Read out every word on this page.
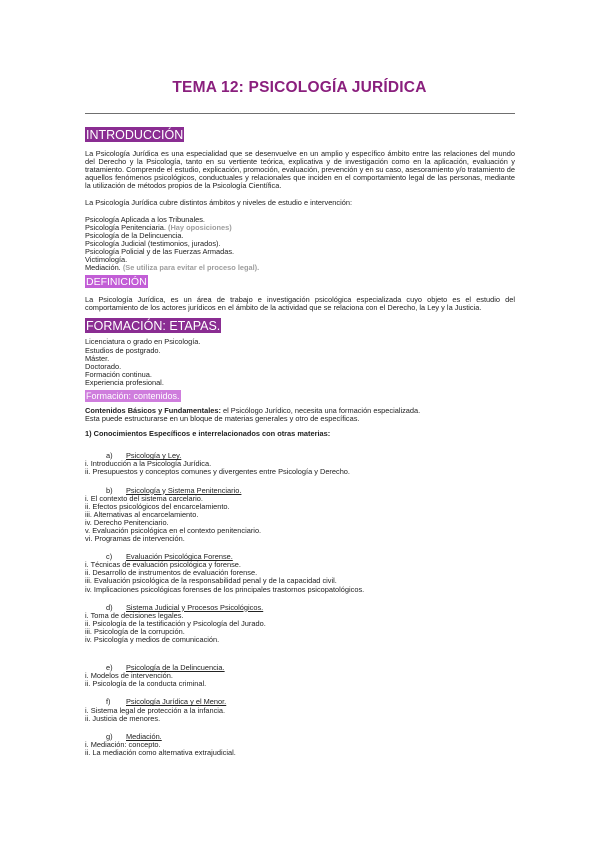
TEMA 12: PSICOLOGÍA JURÍDICA
INTRODUCCIÓN

La Psicología Jurídica es una especialidad que se desenvuelve en un amplio y específico ámbito entre las relaciones del mundo del Derecho y la Psicología, tanto en su vertiente teórica, explicativa y de investigación como en la aplicación, evaluación y tratamiento. Comprende el estudio, explicación, promoción, evaluación, prevención y en su caso, asesoramiento y/o tratamiento de aquellos fenómenos psicológicos, conductuales y relacionales que inciden en el comportamiento legal de las personas, mediante la utilización de métodos propios de la Psicología Científica.

La Psicología Jurídica cubre distintos ámbitos y niveles de estudio e intervención:

Psicología Aplicada a los Tribunales.
Psicología Penitenciaria. (Hay oposiciones)
Psicología de la Delincuencia.
Psicología Judicial (testimonios, jurados).
Psicología Policial y de las Fuerzas Armadas.
Victimología.
Mediación. (Se utiliza para evitar el proceso legal).
DEFINICIÓN

La Psicología Jurídica, es un área de trabajo e investigación psicológica especializada cuyo objeto es el estudio del comportamiento de los actores jurídicos en el ámbito de la actividad que se relaciona con el Derecho, la Ley y la Justicia.

FORMACIÓN: ETAPAS.
Licenciatura o grado en Psicología.
Estudios de postgrado.
Máster.
Doctorado.
Formación continua.
Experiencia profesional.
Formación: contenidos.
Contenidos Básicos y Fundamentales: el Psicólogo Jurídico, necesita una formación especializada.
Esta puede estructurarse en un bloque de materias generales y otro de específicas.
1) Conocimientos Específicos e interrelacionados con otras materias:
a) Psicología y Ley.
i. Introducción a la Psicología Jurídica.
ii. Presupuestos y conceptos comunes y divergentes entre Psicología y Derecho.
b) Psicología y Sistema Penitenciario.
i. El contexto del sistema carcelario.
ii. Efectos psicológicos del encarcelamiento.
iii. Alternativas al encarcelamiento.
iv. Derecho Penitenciario.
v. Evaluación psicológica en el contexto penitenciario.
vi. Programas de intervención.
c) Evaluación Psicológica Forense.
i. Técnicas de evaluación psicológica y forense.
ii. Desarrollo de instrumentos de evaluación forense.
iii. Evaluación psicológica de la responsabilidad penal y de la capacidad civil.
iv. Implicaciones psicológicas forenses de los principales trastornos psicopatológicos.
d) Sistema Judicial y Procesos Psicológicos.
i. Toma de decisiones legales.
ii. Psicología de la testificación y Psicología del Jurado.
iii. Psicología de la corrupción.
iv. Psicología y medios de comunicación.
e) Psicología de la Delincuencia.
i. Modelos de intervención.
ii. Psicología de la conducta criminal.
f) Psicología Jurídica y el Menor.
i. Sistema legal de protección a la infancia.
ii. Justicia de menores.
g) Mediación.
i. Mediación: concepto.
ii. La mediación como alternativa extrajudicial.
